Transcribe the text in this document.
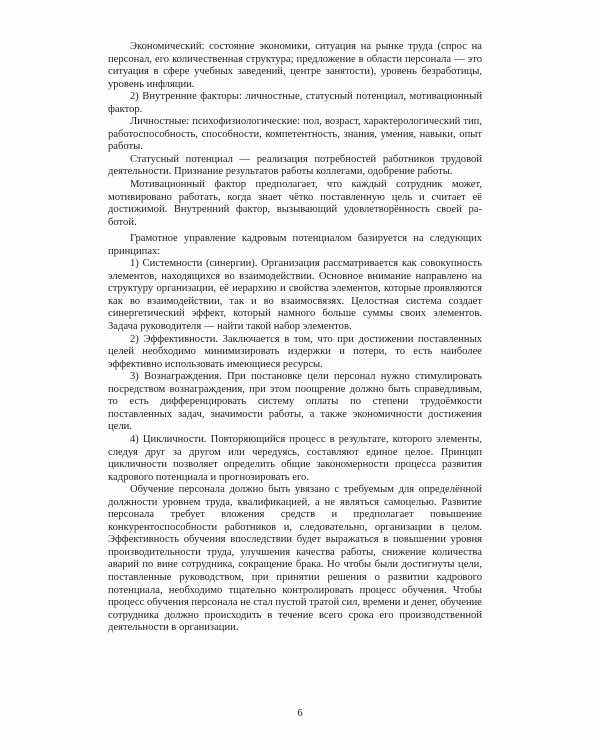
Экономический: состояние экономики, ситуация на рынке труда (спрос на персонал, его количественная структура; предложение в области персонала — это ситуация в сфере учебных заведений, центре занятости), уровень безработицы, уровень инфляции.

2) Внутренние факторы: личностные, статусный потенциал, мотивационный фактор.

Личностные: психофизиологические: пол, возраст, характерологический тип, работоспособность, способности, компетентность, знания, умения, навыки, опыт работы.

Статусный потенциал — реализация потребностей работников трудовой деятельности. Признание результатов работы коллегами, одобрение работы.

Мотивационный фактор предполагает, что каждый сотрудник может, мотивировано работать, когда знает чётко поставленную цель и считает её достижимой. Внутренний фактор, вызывающий удовлетворённость своей работой.

Грамотное управление кадровым потенциалом базируется на следующих принципах:

1) Системности (синергии). Организация рассматривается как совокупность элементов, находящихся во взаимодействии. Основное внимание направлено на структуру организации, её иерархию и свойства элементов, которые проявляются как во взаимодействии, так и во взаимосвязях. Целостная система создает синергетический эффект, который намного больше суммы своих элементов. Задача руководителя — найти такой набор элементов.

2) Эффективности. Заключается в том, что при достижении поставленных целей необходимо минимизировать издержки и потери, то есть наиболее эффективно использовать имеющиеся ресурсы.

3) Вознаграждения. При постановке цели персонал нужно стимулировать посредством вознаграждения, при этом поощрение должно быть справедливым, то есть дифференцировать систему оплаты по степени трудоёмкости поставленных задач, значимости работы, а также экономичности достижения цели.

4) Цикличности. Повторяющийся процесс в результате, которого элементы, следуя друг за другом или чередуясь, составляют единое целое. Принцип цикличности позволяет определить общие закономерности процесса развития кадрового потенциала и прогнозировать его.

Обучение персонала должно быть увязано с требуемым для определённой должности уровнем труда, квалификацией, а не являться самоцелью. Развитие персонала требует вложения средств и предполагает повышение конкурентоспособности работников и, следовательно, организации в целом. Эффективность обучения впоследствии будет выражаться в повышении уровня производительности труда, улучшения качества работы, снижение количества аварий по вине сотрудника, сокращение брака. Но чтобы были достигнуты цели, поставленные руководством, при принятии решения о развитии кадрового потенциала, необходимо тщательно контролировать процесс обучения. Чтобы процесс обучения персонала не стал пустой тратой сил, времени и денег, обучение сотрудника должно происходить в течение всего срока его производственной деятельности в организации.

6
